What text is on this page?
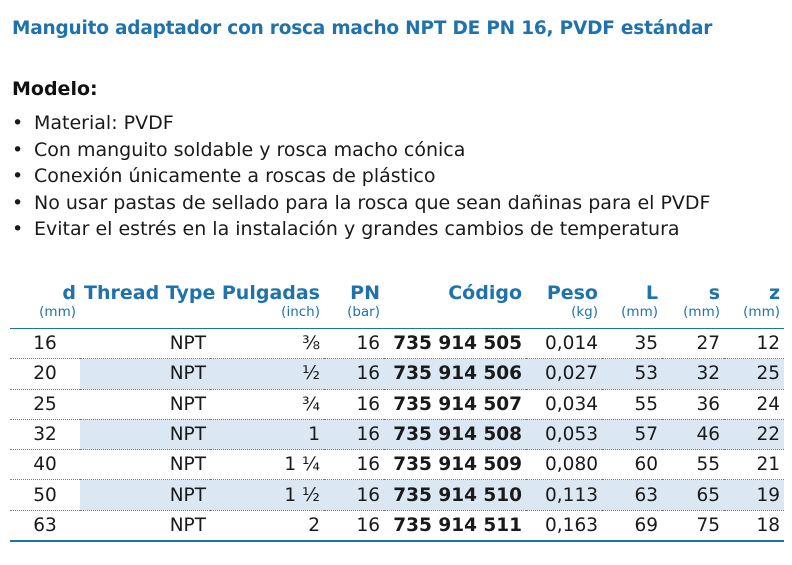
Manguito adaptador con rosca macho NPT DE PN 16, PVDF estándar
Modelo:
• Material: PVDF
• Con manguito soldable y rosca macho cónica
• Conexión únicamente a roscas de plástico
• No usar pastas de sellado para la rosca que sean dañinas para el PVDF
• Evitar el estrés en la instalación y grandes cambios de temperatura
d	Thread Type	Pulgadas	PN	Código	Peso	L	s	z
(mm)		(inch)	(bar)		(kg)	(mm)	(mm)	(mm)
16	NPT	⅜	16	735 914 505	0,014	35	27	12
20	NPT	½	16	735 914 506	0,027	53	32	25
25	NPT	¾	16	735 914 507	0,034	55	36	24
32	NPT	1	16	735 914 508	0,053	57	46	22
40	NPT	1 ¼	16	735 914 509	0,080	60	55	21
50	NPT	1 ½	16	735 914 510	0,113	63	65	19
63	NPT	2	16	735 914 511	0,163	69	75	18
